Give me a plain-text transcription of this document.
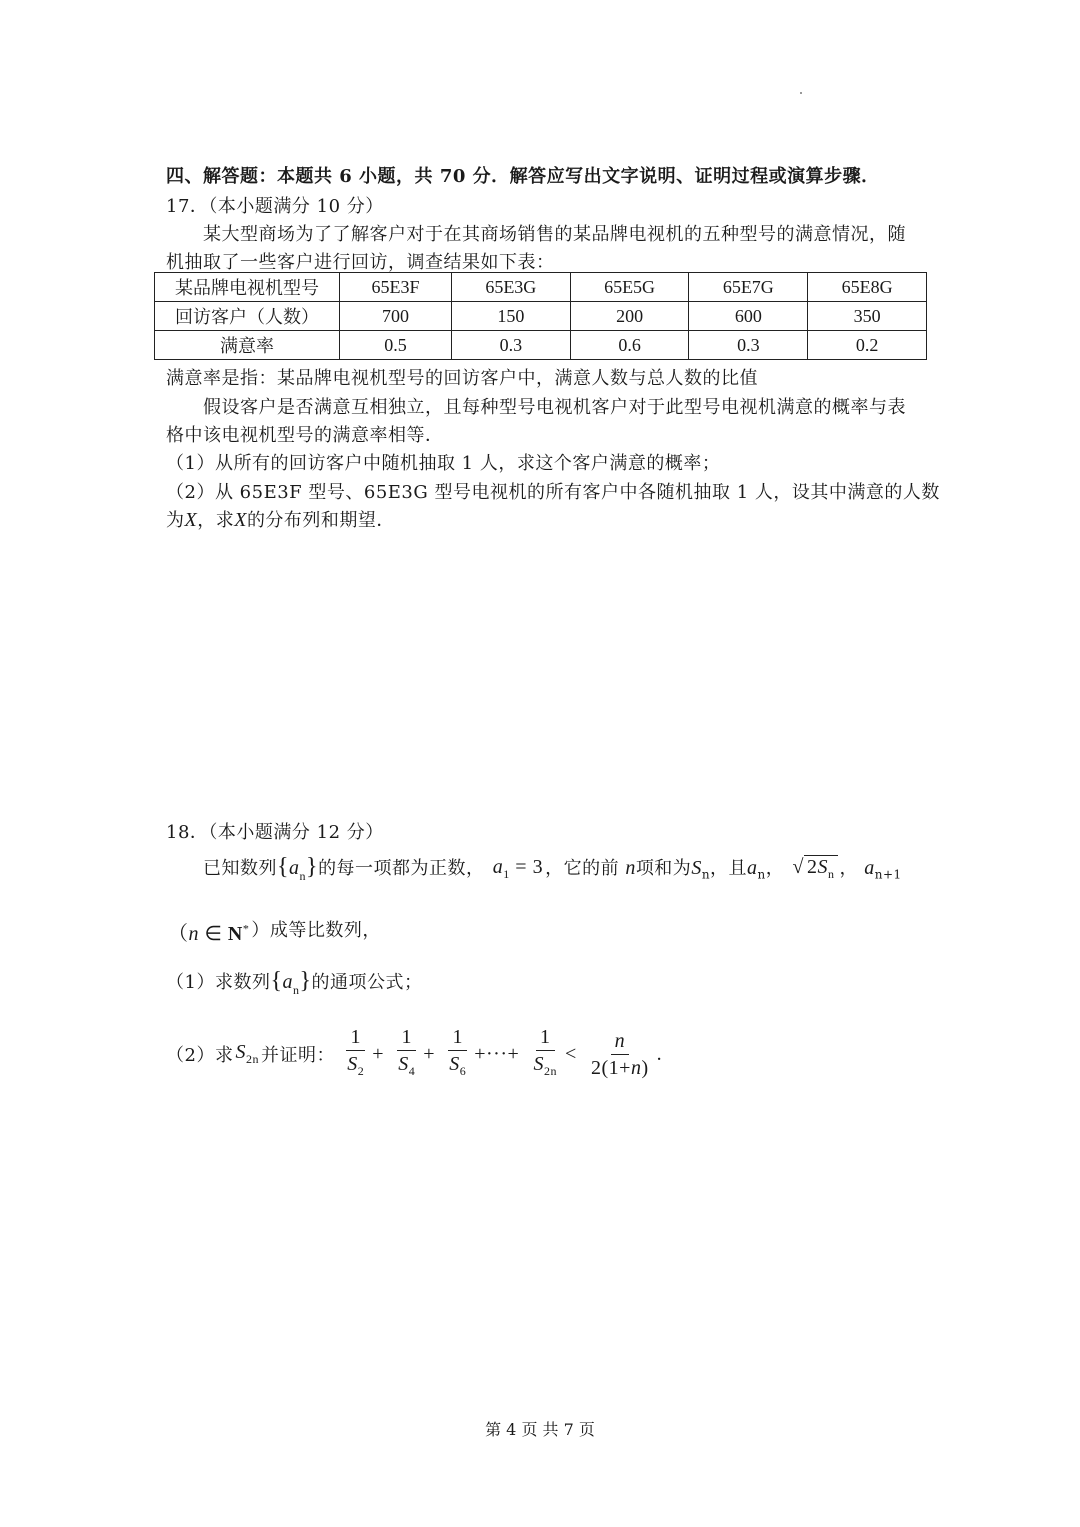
四、解答题：本题共 6 小题，共 70 分．解答应写出文字说明、证明过程或演算步骤．
17．（本小题满分 10 分）
某大型商场为了了解客户对于在其商场销售的某品牌电视机的五种型号的满意情况，随
机抽取了一些客户进行回访，调查结果如下表：
某品牌电视机型号	65E3F	65E3G	65E5G	65E7G	65E8G
回访客户（人数）	700	150	200	600	350
满意率	0.5	0.3	0.6	0.3	0.2
满意率是指：某品牌电视机型号的回访客户中，满意人数与总人数的比值
假设客户是否满意互相独立，且每种型号电视机客户对于此型号电视机满意的概率与表
格中该电视机型号的满意率相等．
（1）从所有的回访客户中随机抽取 1 人，求这个客户满意的概率；
（2）从 65E3F 型号、65E3G 型号电视机的所有客户中各随机抽取 1 人，设其中满意的人数
为X，求X的分布列和期望．
18．（本小题满分 12 分）
已知数列$\{a_n\}$的每一项都为正数， $a_1 = 3$ ，它的前 n项和为$S_n$，且$a_n$， √ $2S_n$ ， $a_{n+1}$
（n ∈ N* ）成等比数列，
（1）求数列$\{a_n\}$的通项公式；
（2）求 $S_{2n}$ 并证明： $\frac{1}{S_2} + \frac{1}{S_4} + \frac{1}{S_6}$ +···+ $\frac{1}{S_{2n}} < \frac{n}{2(1+n)}$ .
第 4 页 共 7 页
